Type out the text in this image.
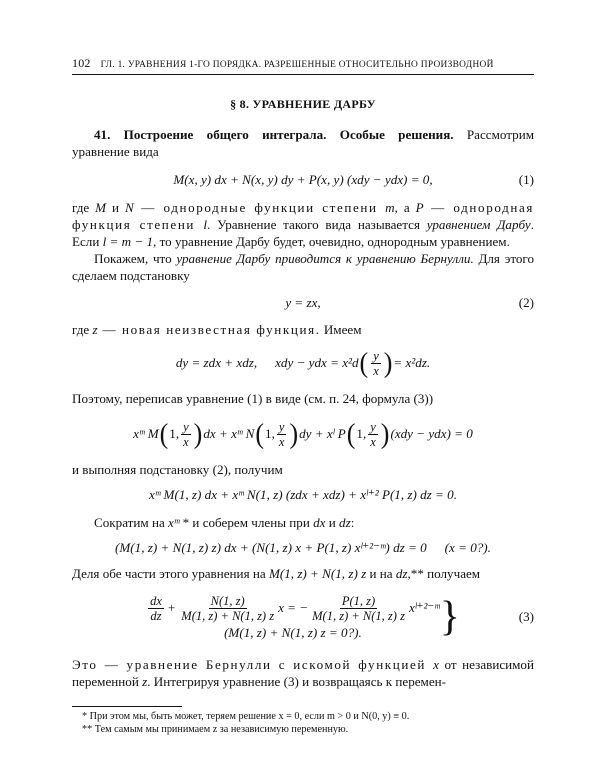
102 ГЛ. 1. УРАВНЕНИЯ 1-ГО ПОРЯДКА. РАЗРЕШЕННЫЕ ОТНОСИТЕЛЬНО ПРОИЗВОДНОЙ
§ 8. УРАВНЕНИЕ ДАРБУ

41. Построение общего интеграла. Особые решения. Рассмотрим уравнение вида

M(x, y) dx + N(x, y) dy + P(x, y) (xdy − ydx) = 0,	(1)

где M и N — однородные функции степени m, а P — однородная функция степени l. Уравнение такого вида называется уравнением Дарбу. Если l = m − 1, то уравнение Дарбу будет, очевидно, однородным уравнением.

Покажем, что уравнение Дарбу приводится к уравнению Бернулли. Для этого сделаем подстановку

y = zx,	(2)

где z — новая неизвестная функция. Имеем

dy = zdx + xdz, xdy − ydx = x²d ( $\frac{y}{x}$ ) = x²dz.

Поэтому, переписав уравнение (1) в виде (см. п. 24, формула (3))

xᵐ M ( 1, $\frac{y}{x}$ ) dx + xᵐ N ( 1, $\frac{y}{x}$ ) dy + xˡ P ( 1, $\frac{y}{x}$ ) (xdy − ydx) = 0

и выполняя подстановку (2), получим

xᵐ M(1, z) dx + xᵐ N(1, z) (zdx + xdz) + xˡ⁺² P(1, z) dz = 0.

Сократим на xᵐ * и соберем члены при dx и dz:

(M(1, z) + N(1, z) z) dx + (N(1, z) x + P(1, z) xˡ⁺²⁻ᵐ) dz = 0 (x = 0?).

Деля обе части этого уравнения на M(1, z) + N(1, z) z и на dz,** получаем

$\frac{dx}{dz} + \frac{N(1, z)}{M(1, z) + N(1, z) z}$ x = − $\frac{P(1, z)}{M(1, z) + N(1, z) z}$ xˡ⁺²⁻ᵐ
(M(1, z) + N(1, z) z = 0?). }	(3)

Это — уравнение Бернулли с искомой функцией x от независимой переменной z. Интегрируя уравнение (3) и возвращаясь к перемен-

* При этом мы, быть может, теряем решение x = 0, если m > 0 и N(0, y) ≡ 0.
** Тем самым мы принимаем z за независимую переменную.
